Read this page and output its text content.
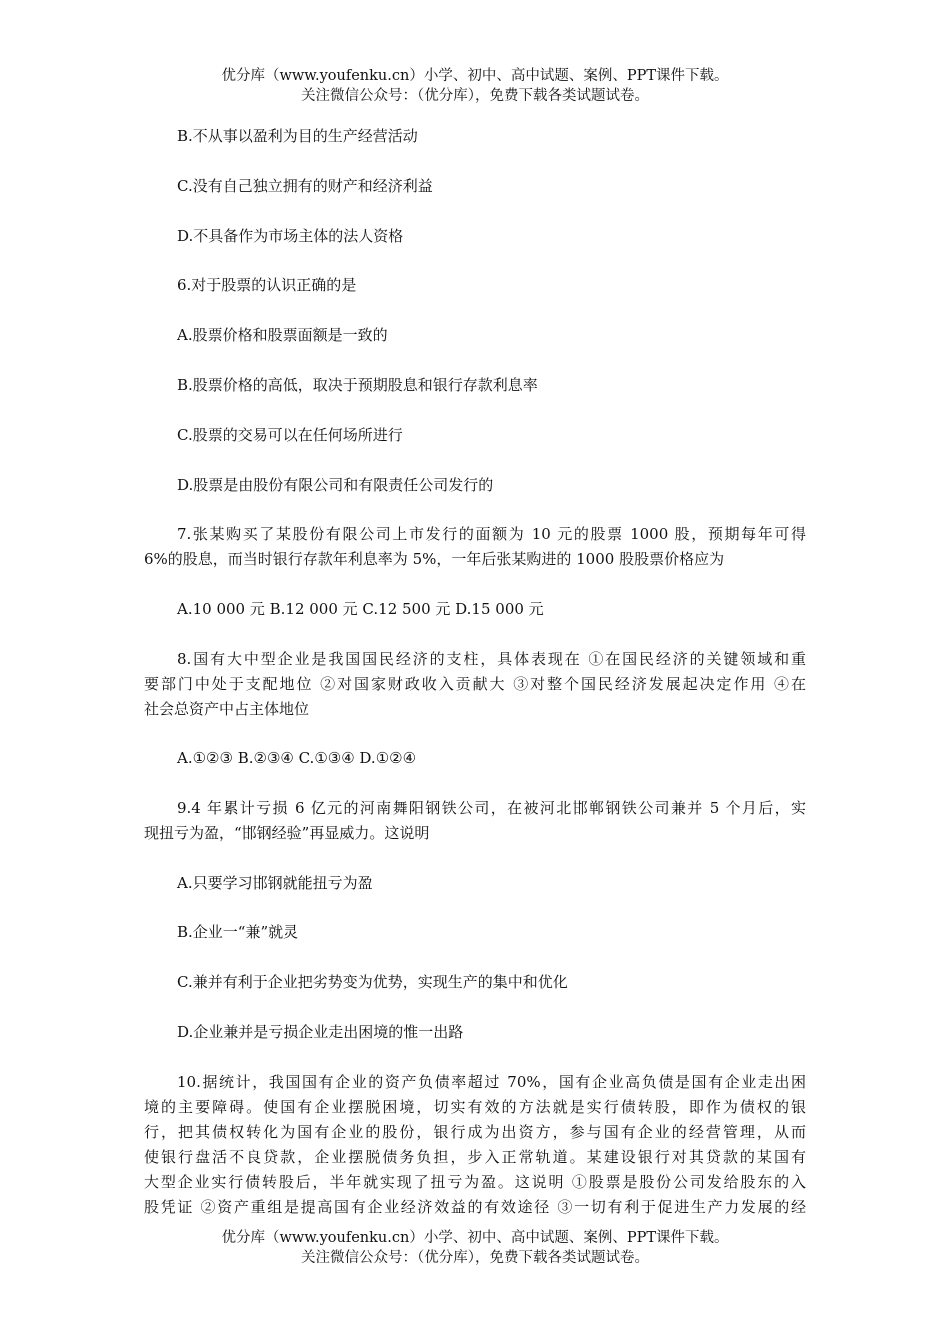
优分库（www.youfenku.cn）小学、初中、高中试题、案例、PPT课件下载。
关注微信公众号：（优分库），免费下载各类试题试卷。
B.不从事以盈利为目的生产经营活动
C.没有自己独立拥有的财产和经济利益
D.不具备作为市场主体的法人资格
6.对于股票的认识正确的是
A.股票价格和股票面额是一致的
B.股票价格的高低，取决于预期股息和银行存款利息率
C.股票的交易可以在任何场所进行
D.股票是由股份有限公司和有限责任公司发行的
7.张某购买了某股份有限公司上市发行的面额为 10 元的股票 1000 股，预期每年可得
6%的股息，而当时银行存款年利息率为 5%，一年后张某购进的 1000 股股票价格应为
A.10 000 元 B.12 000 元 C.12 500 元 D.15 000 元
8.国有大中型企业是我国国民经济的支柱，具体表现在 ①在国民经济的关键领域和重
要部门中处于支配地位 ②对国家财政收入贡献大 ③对整个国民经济发展起决定作用 ④在
社会总资产中占主体地位
A.①②③ B.②③④ C.①③④ D.①②④
9.4 年累计亏损 6 亿元的河南舞阳钢铁公司，在被河北邯郸钢铁公司兼并 5 个月后，实
现扭亏为盈，“邯钢经验”再显威力。这说明
A.只要学习邯钢就能扭亏为盈
B.企业一“兼”就灵
C.兼并有利于企业把劣势变为优势，实现生产的集中和优化
D.企业兼并是亏损企业走出困境的惟一出路
10.据统计，我国国有企业的资产负债率超过 70%，国有企业高负债是国有企业走出困
境的主要障碍。使国有企业摆脱困境，切实有效的方法就是实行债转股，即作为债权的银
行，把其债权转化为国有企业的股份，银行成为出资方，参与国有企业的经营管理，从而
使银行盘活不良贷款，企业摆脱债务负担，步入正常轨道。某建设银行对其贷款的某国有
大型企业实行债转股后，半年就实现了扭亏为盈。这说明 ①股票是股份公司发给股东的入
股凭证 ②资产重组是提高国有企业经济效益的有效途径 ③一切有利于促进生产力发展的经
优分库（www.youfenku.cn）小学、初中、高中试题、案例、PPT课件下载。
关注微信公众号：（优分库），免费下载各类试题试卷。
